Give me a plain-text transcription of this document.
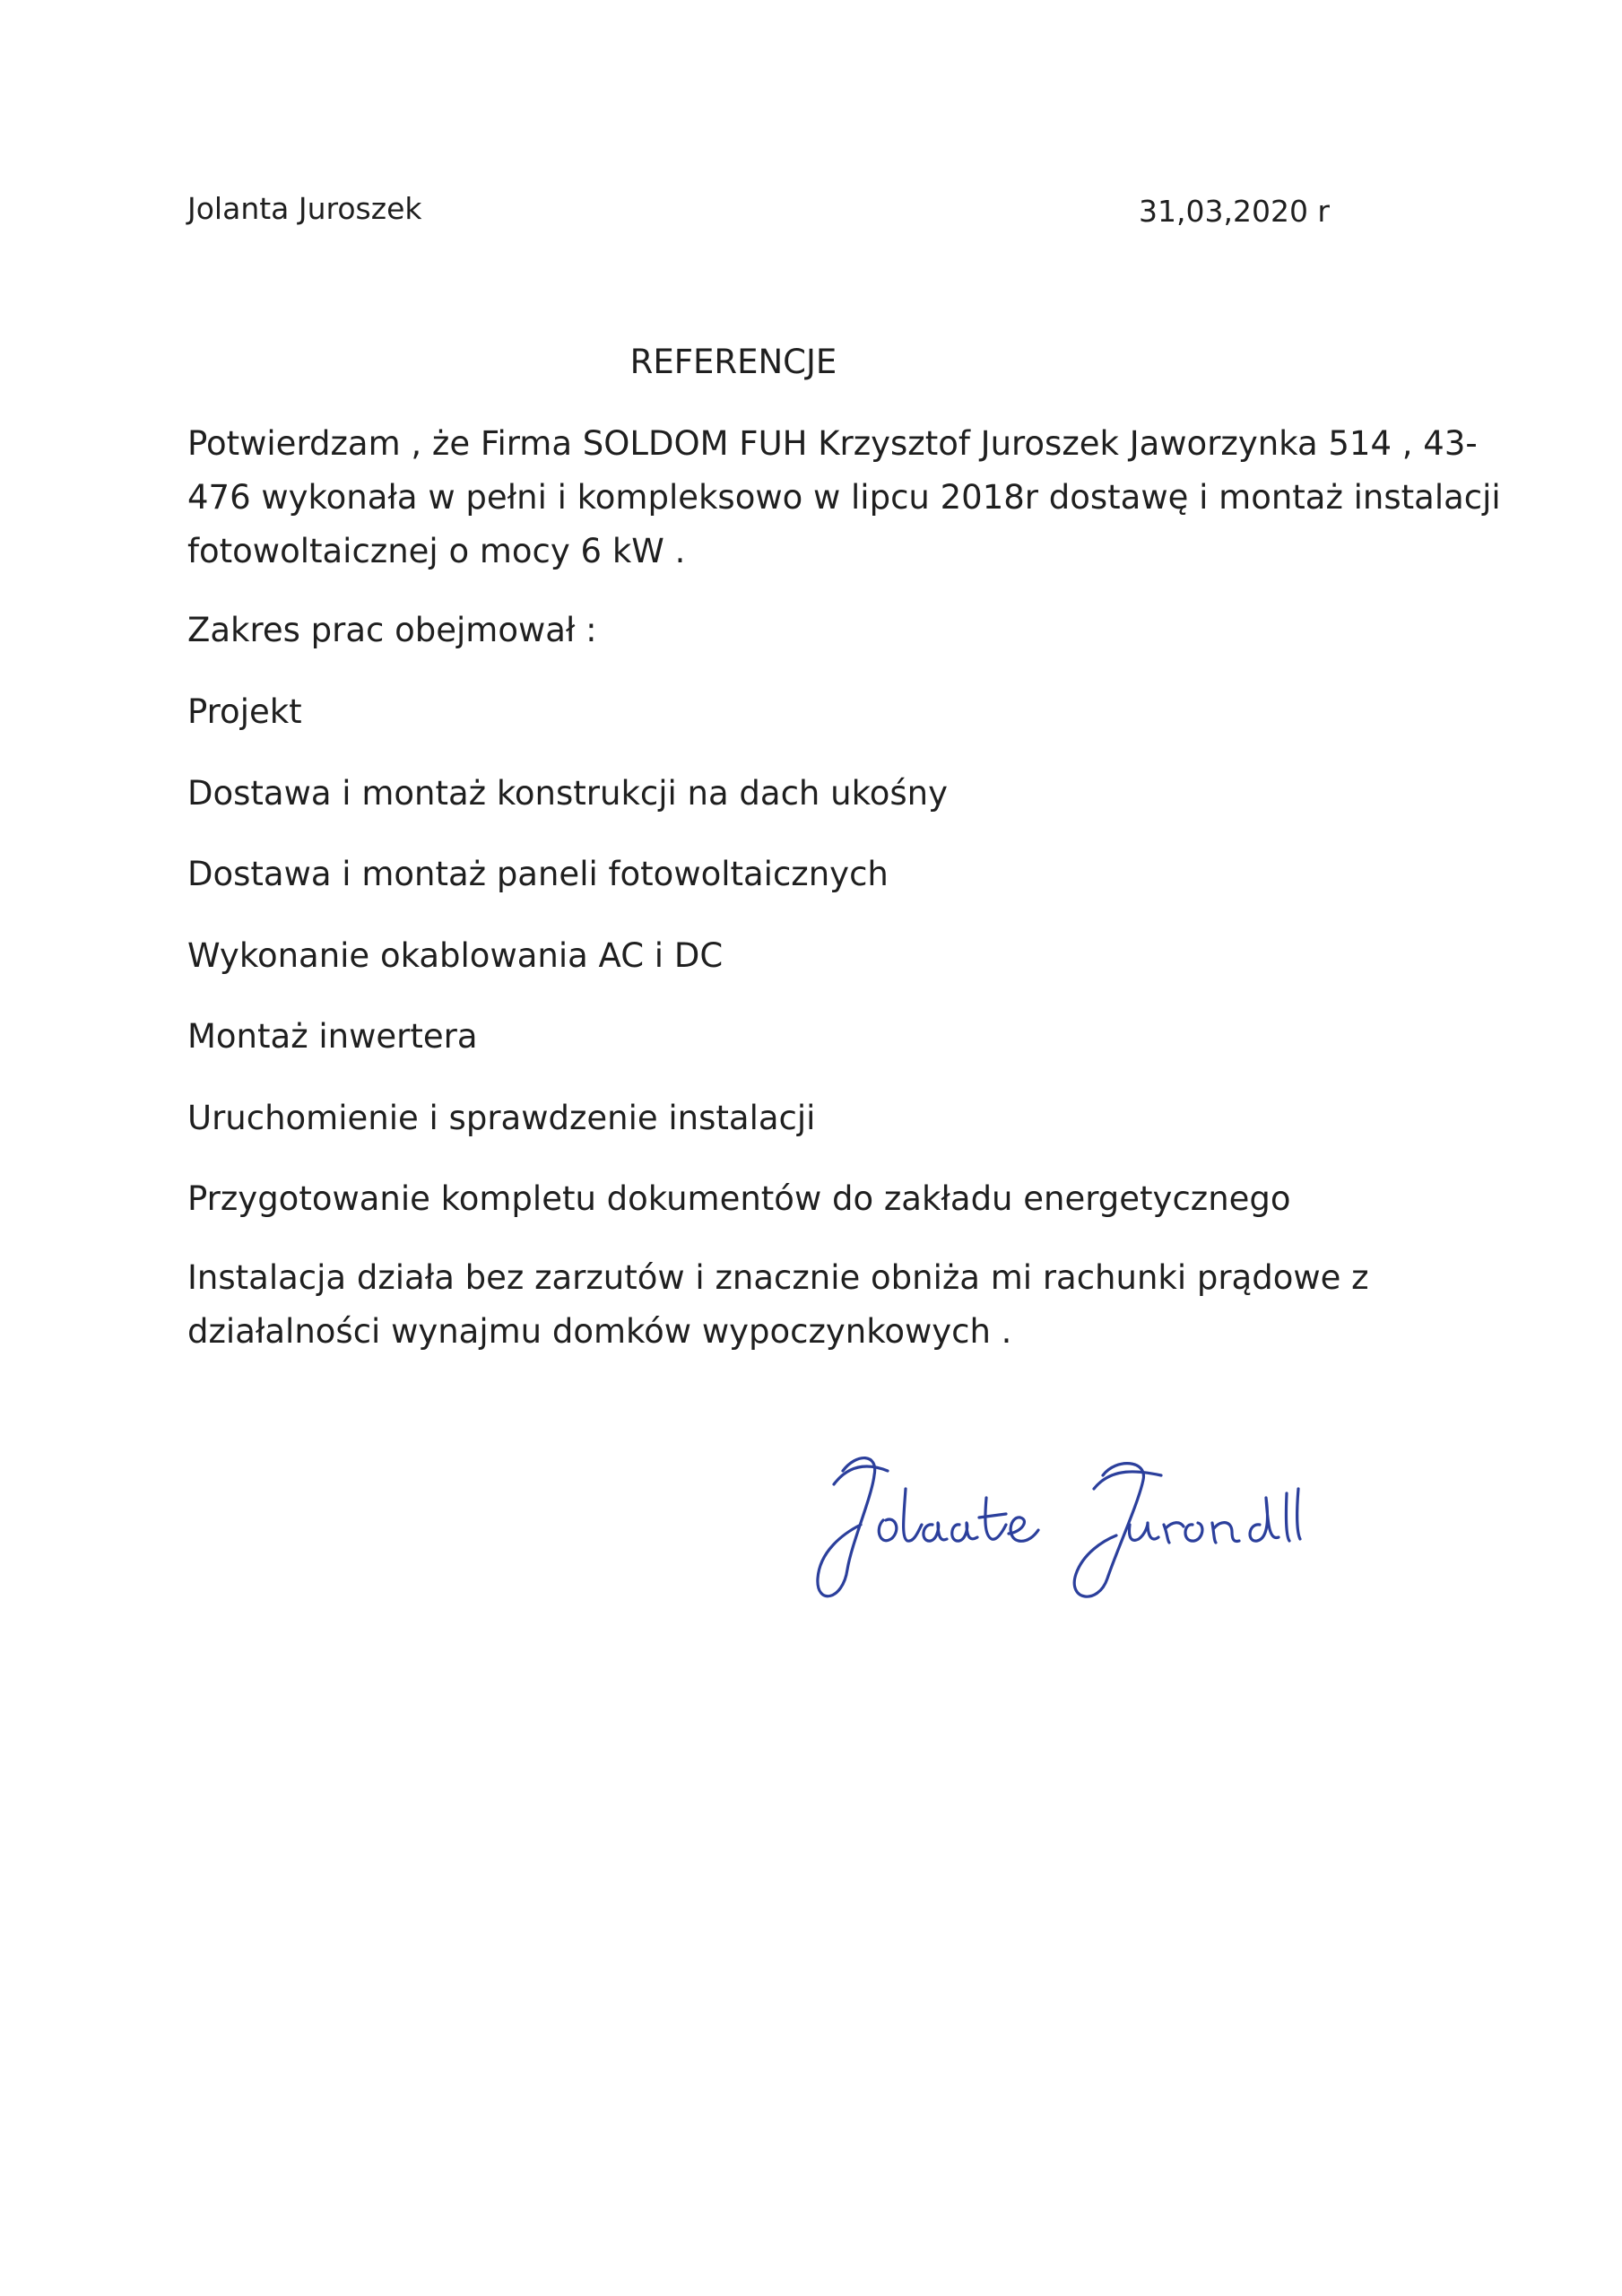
Jolanta Juroszek	31,03,2020 r
REFERENCJE
Potwierdzam , że Firma SOLDOM FUH Krzysztof Juroszek Jaworzynka 514 , 43-
476 wykonała w pełni i kompleksowo w lipcu 2018r dostawę i montaż instalacji
fotowoltaicznej o mocy 6 kW .
Zakres prac obejmował :
Projekt
Dostawa i montaż konstrukcji na dach ukośny
Dostawa i montaż paneli fotowoltaicznych
Wykonanie okablowania AC i DC
Montaż inwertera
Uruchomienie i sprawdzenie instalacji
Przygotowanie kompletu dokumentów do zakładu energetycznego
Instalacja działa bez zarzutów i znacznie obniża mi rachunki prądowe z
działalności wynajmu domków wypoczynkowych .
